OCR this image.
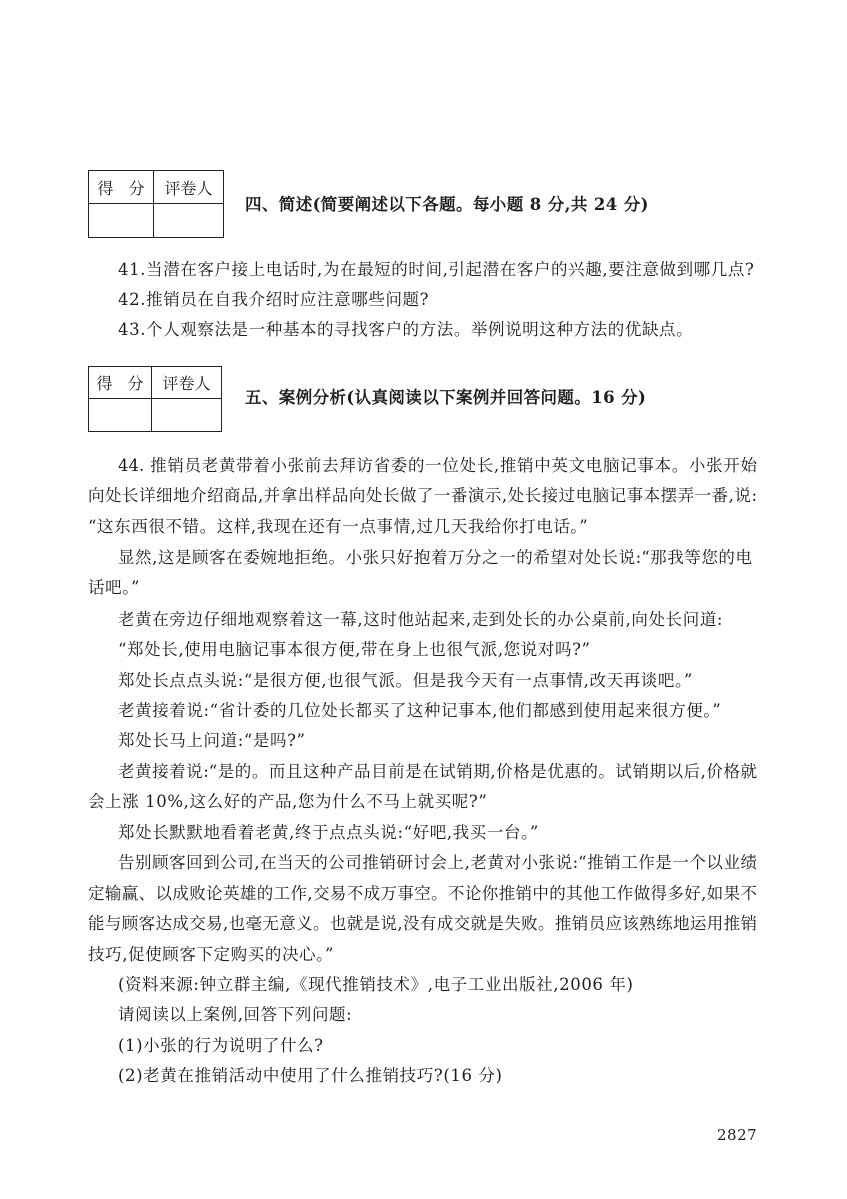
得 分	评卷人
四、简述(简要阐述以下各题。每小题 8 分,共 24 分)
41.当潜在客户接上电话时,为在最短的时间,引起潜在客户的兴趣,要注意做到哪几点?
42.推销员在自我介绍时应注意哪些问题?
43.个人观察法是一种基本的寻找客户的方法。举例说明这种方法的优缺点。
得 分	评卷人
五、案例分析(认真阅读以下案例并回答问题。16 分)
44. 推销员老黄带着小张前去拜访省委的一位处长,推销中英文电脑记事本。小张开始
向处长详细地介绍商品,并拿出样品向处长做了一番演示,处长接过电脑记事本摆弄一番,说:
“这东西很不错。这样,我现在还有一点事情,过几天我给你打电话。”
显然,这是顾客在委婉地拒绝。小张只好抱着万分之一的希望对处长说:“那我等您的电
话吧。”
老黄在旁边仔细地观察着这一幕,这时他站起来,走到处长的办公桌前,向处长问道:
“郑处长,使用电脑记事本很方便,带在身上也很气派,您说对吗?”
郑处长点点头说:“是很方便,也很气派。但是我今天有一点事情,改天再谈吧。”
老黄接着说:“省计委的几位处长都买了这种记事本,他们都感到使用起来很方便。”
郑处长马上问道:“是吗?”
老黄接着说:“是的。而且这种产品目前是在试销期,价格是优惠的。试销期以后,价格就
会上涨 10%,这么好的产品,您为什么不马上就买呢?”
郑处长默默地看着老黄,终于点点头说:“好吧,我买一台。”
告别顾客回到公司,在当天的公司推销研讨会上,老黄对小张说:“推销工作是一个以业绩
定输赢、以成败论英雄的工作,交易不成万事空。不论你推销中的其他工作做得多好,如果不
能与顾客达成交易,也毫无意义。也就是说,没有成交就是失败。推销员应该熟练地运用推销
技巧,促使顾客下定购买的决心。”
(资料来源:钟立群主编,《现代推销技术》,电子工业出版社,2006 年)
请阅读以上案例,回答下列问题:
(1)小张的行为说明了什么?
(2)老黄在推销活动中使用了什么推销技巧?(16 分)
2827
